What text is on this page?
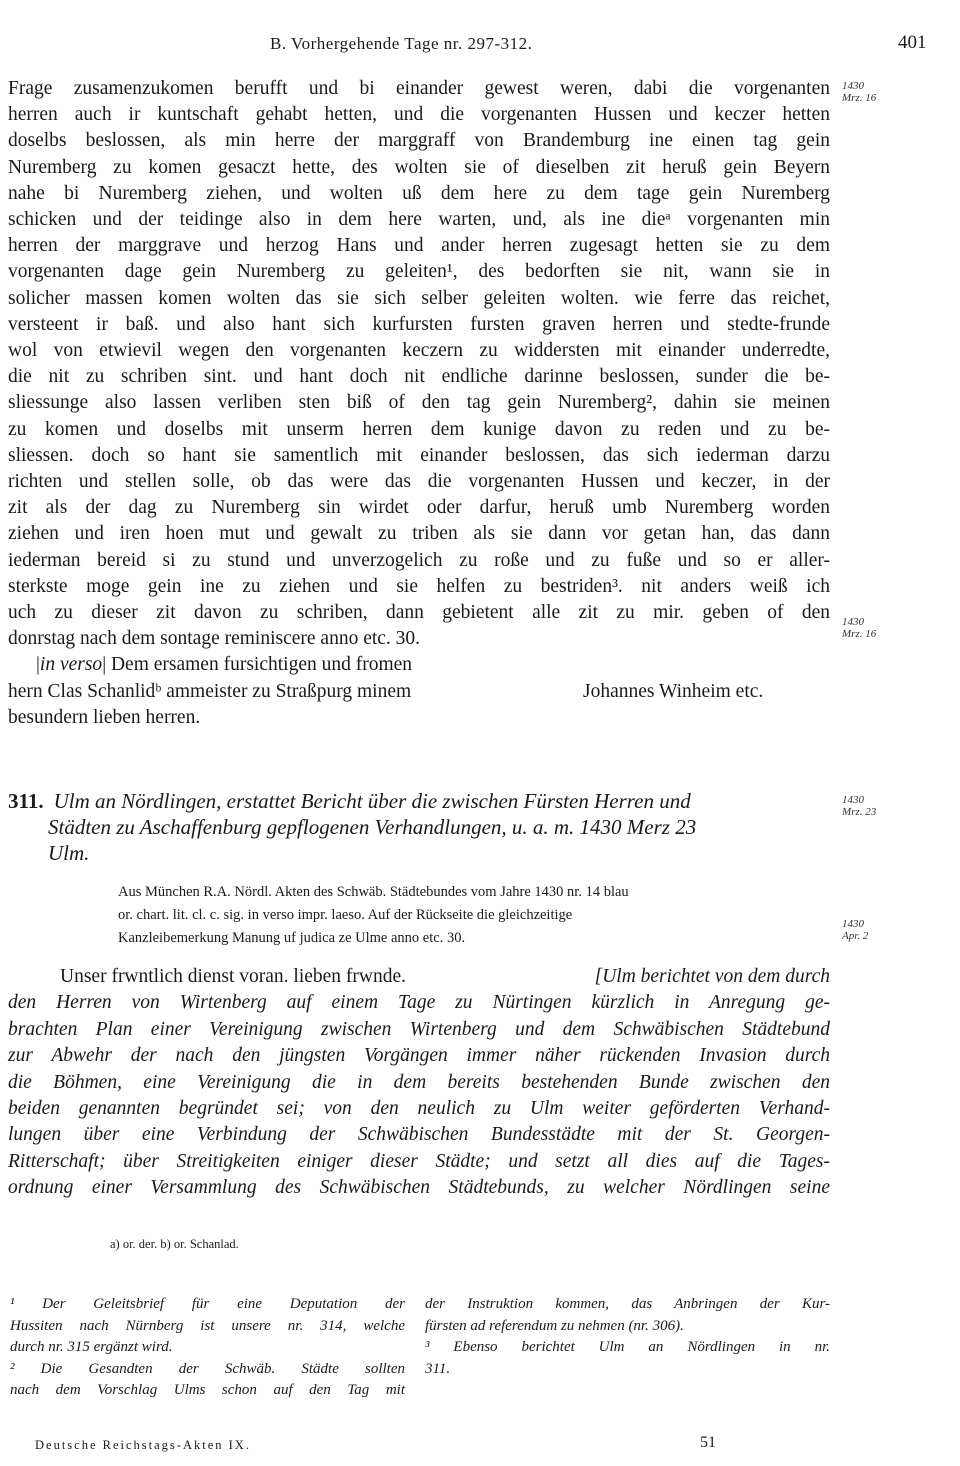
B. Vorhergehende Tage nr. 297-312.	401
Frage zusamenzukomen berufft und bi einander gewest weren, dabi die vorgenanten
herren auch ir kuntschaft gehabt hetten, und die vorgenanten Hussen und keczer hetten
doselbs beslossen, als min herre der marggraff von Brandemburg ine einen tag gein
Nuremberg zu komen gesaczt hette, des wolten sie of dieselben zit heruß gein Beyern
nahe bi Nuremberg ziehen, und wolten uß dem here zu dem tage gein Nuremberg
schicken und der teidinge also in dem here warten, und, als ine dieᵃ vorgenanten min
herren der marggrave und herzog Hans und ander herren zugesagt hetten sie zu dem
vorgenanten dage gein Nuremberg zu geleiten¹, des bedorften sie nit, wann sie in
solicher massen komen wolten das sie sich selber geleiten wolten. wie ferre das reichet,
versteent ir baß. und also hant sich kurfursten fursten graven herren und stedte-frunde
wol von etwievil wegen den vorgenanten keczern zu widdersten mit einander underredte,
die nit zu schriben sint. und hant doch nit endliche darinne beslossen, sunder die be-
sliessunge also lassen verliben sten biß of den tag gein Nuremberg², dahin sie meinen
zu komen und doselbs mit unserm herren dem kunige davon zu reden und zu be-
sliessen. doch so hant sie samentlich mit einander beslossen, das sich iederman darzu
richten und stellen solle, ob das were das die vorgenanten Hussen und keczer, in der
zit als der dag zu Nuremberg sin wirdet oder darfur, heruß umb Nuremberg worden
ziehen und iren hoen mut und gewalt zu triben als sie dann vor getan han, das dann
iederman bereid si zu stund und unverzogelich zu roße und zu fuße und so er aller-
sterkste moge gein ine zu ziehen und sie helfen zu bestriden³. nit anders weiß ich
uch zu dieser zit davon zu schriben, dann gebietent alle zit zu mir. geben of den
donrstag nach dem sontage reminiscere anno etc. 30.
|in verso| Dem ersamen fursichtigen und fromen
hern Clas Schanlidᵇ ammeister zu Straßpurg minem	Johannes Winheim etc.
besundern lieben herren.
1430
Mrz. 16
1430
Mrz. 16
311. Ulm an Nördlingen, erstattet Bericht über die zwischen Fürsten Herren und
Städten zu Aschaffenburg gepflogenen Verhandlungen, u. a. m. 1430 Merz 23
Ulm.
1430
Mrz. 23
Aus München R.A. Nördl. Akten des Schwäb. Städtebundes vom Jahre 1430 nr. 14 blau
or. chart. lit. cl. c. sig. in verso impr. laeso. Auf der Rückseite die gleichzeitige
Kanzleibemerkung Manung uf judica ze Ulme anno etc. 30.
1430
Apr. 2
Unser frwntlich dienst voran. lieben frwnde.	[Ulm berichtet von dem durch
den Herren von Wirtenberg auf einem Tage zu Nürtingen kürzlich in Anregung ge-
brachten Plan einer Vereinigung zwischen Wirtenberg und dem Schwäbischen Städtebund
zur Abwehr der nach den jüngsten Vorgängen immer näher rückenden Invasion durch
die Böhmen, eine Vereinigung die in dem bereits bestehenden Bunde zwischen den
beiden genannten begründet sei; von den neulich zu Ulm weiter geförderten Verhand-
lungen über eine Verbindung der Schwäbischen Bundesstädte mit der St. Georgen-
Ritterschaft; über Streitigkeiten einiger dieser Städte; und setzt all dies auf die Tages-
ordnung einer Versammlung des Schwäbischen Städtebunds, zu welcher Nördlingen seine
a) or. der. b) or. Schanlad.
¹ Der Geleitsbrief für eine Deputation der
Hussiten nach Nürnberg ist unsere nr. 314, welche
durch nr. 315 ergänzt wird.
² Die Gesandten der Schwäb. Städte sollten
nach dem Vorschlag Ulms schon auf den Tag mit
der Instruktion kommen, das Anbringen der Kur-
fürsten ad referendum zu nehmen (nr. 306).
³ Ebenso berichtet Ulm an Nördlingen in nr.
311.
Deutsche Reichstags-Akten IX.	51
